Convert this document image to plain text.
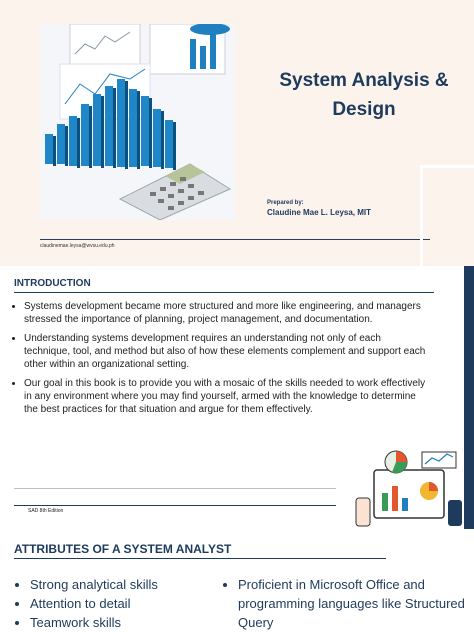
System Analysis & Design
Prepared by:
Claudine Mae L. Leysa, MIT
claudinemae.leysa@wvsu.edu.ph
INTRODUCTION
• Systems development became more structured and more like engineering, and managers stressed the importance of planning, project management, and documentation.
• Understanding systems development requires an understanding not only of each technique, tool, and method but also of how these elements complement and support each other within an organizational setting.
• Our goal in this book is to provide you with a mosaic of the skills needed to work effectively in any environment where you may find yourself, armed with the knowledge to determine the best practices for that situation and argue for them effectively.
SAD 8th Edition
ATTRIBUTES OF A SYSTEM ANALYST
• Strong analytical skills
• Attention to detail
• Teamwork skills
• Proficient in Microsoft Office and programming languages like Structured Query
